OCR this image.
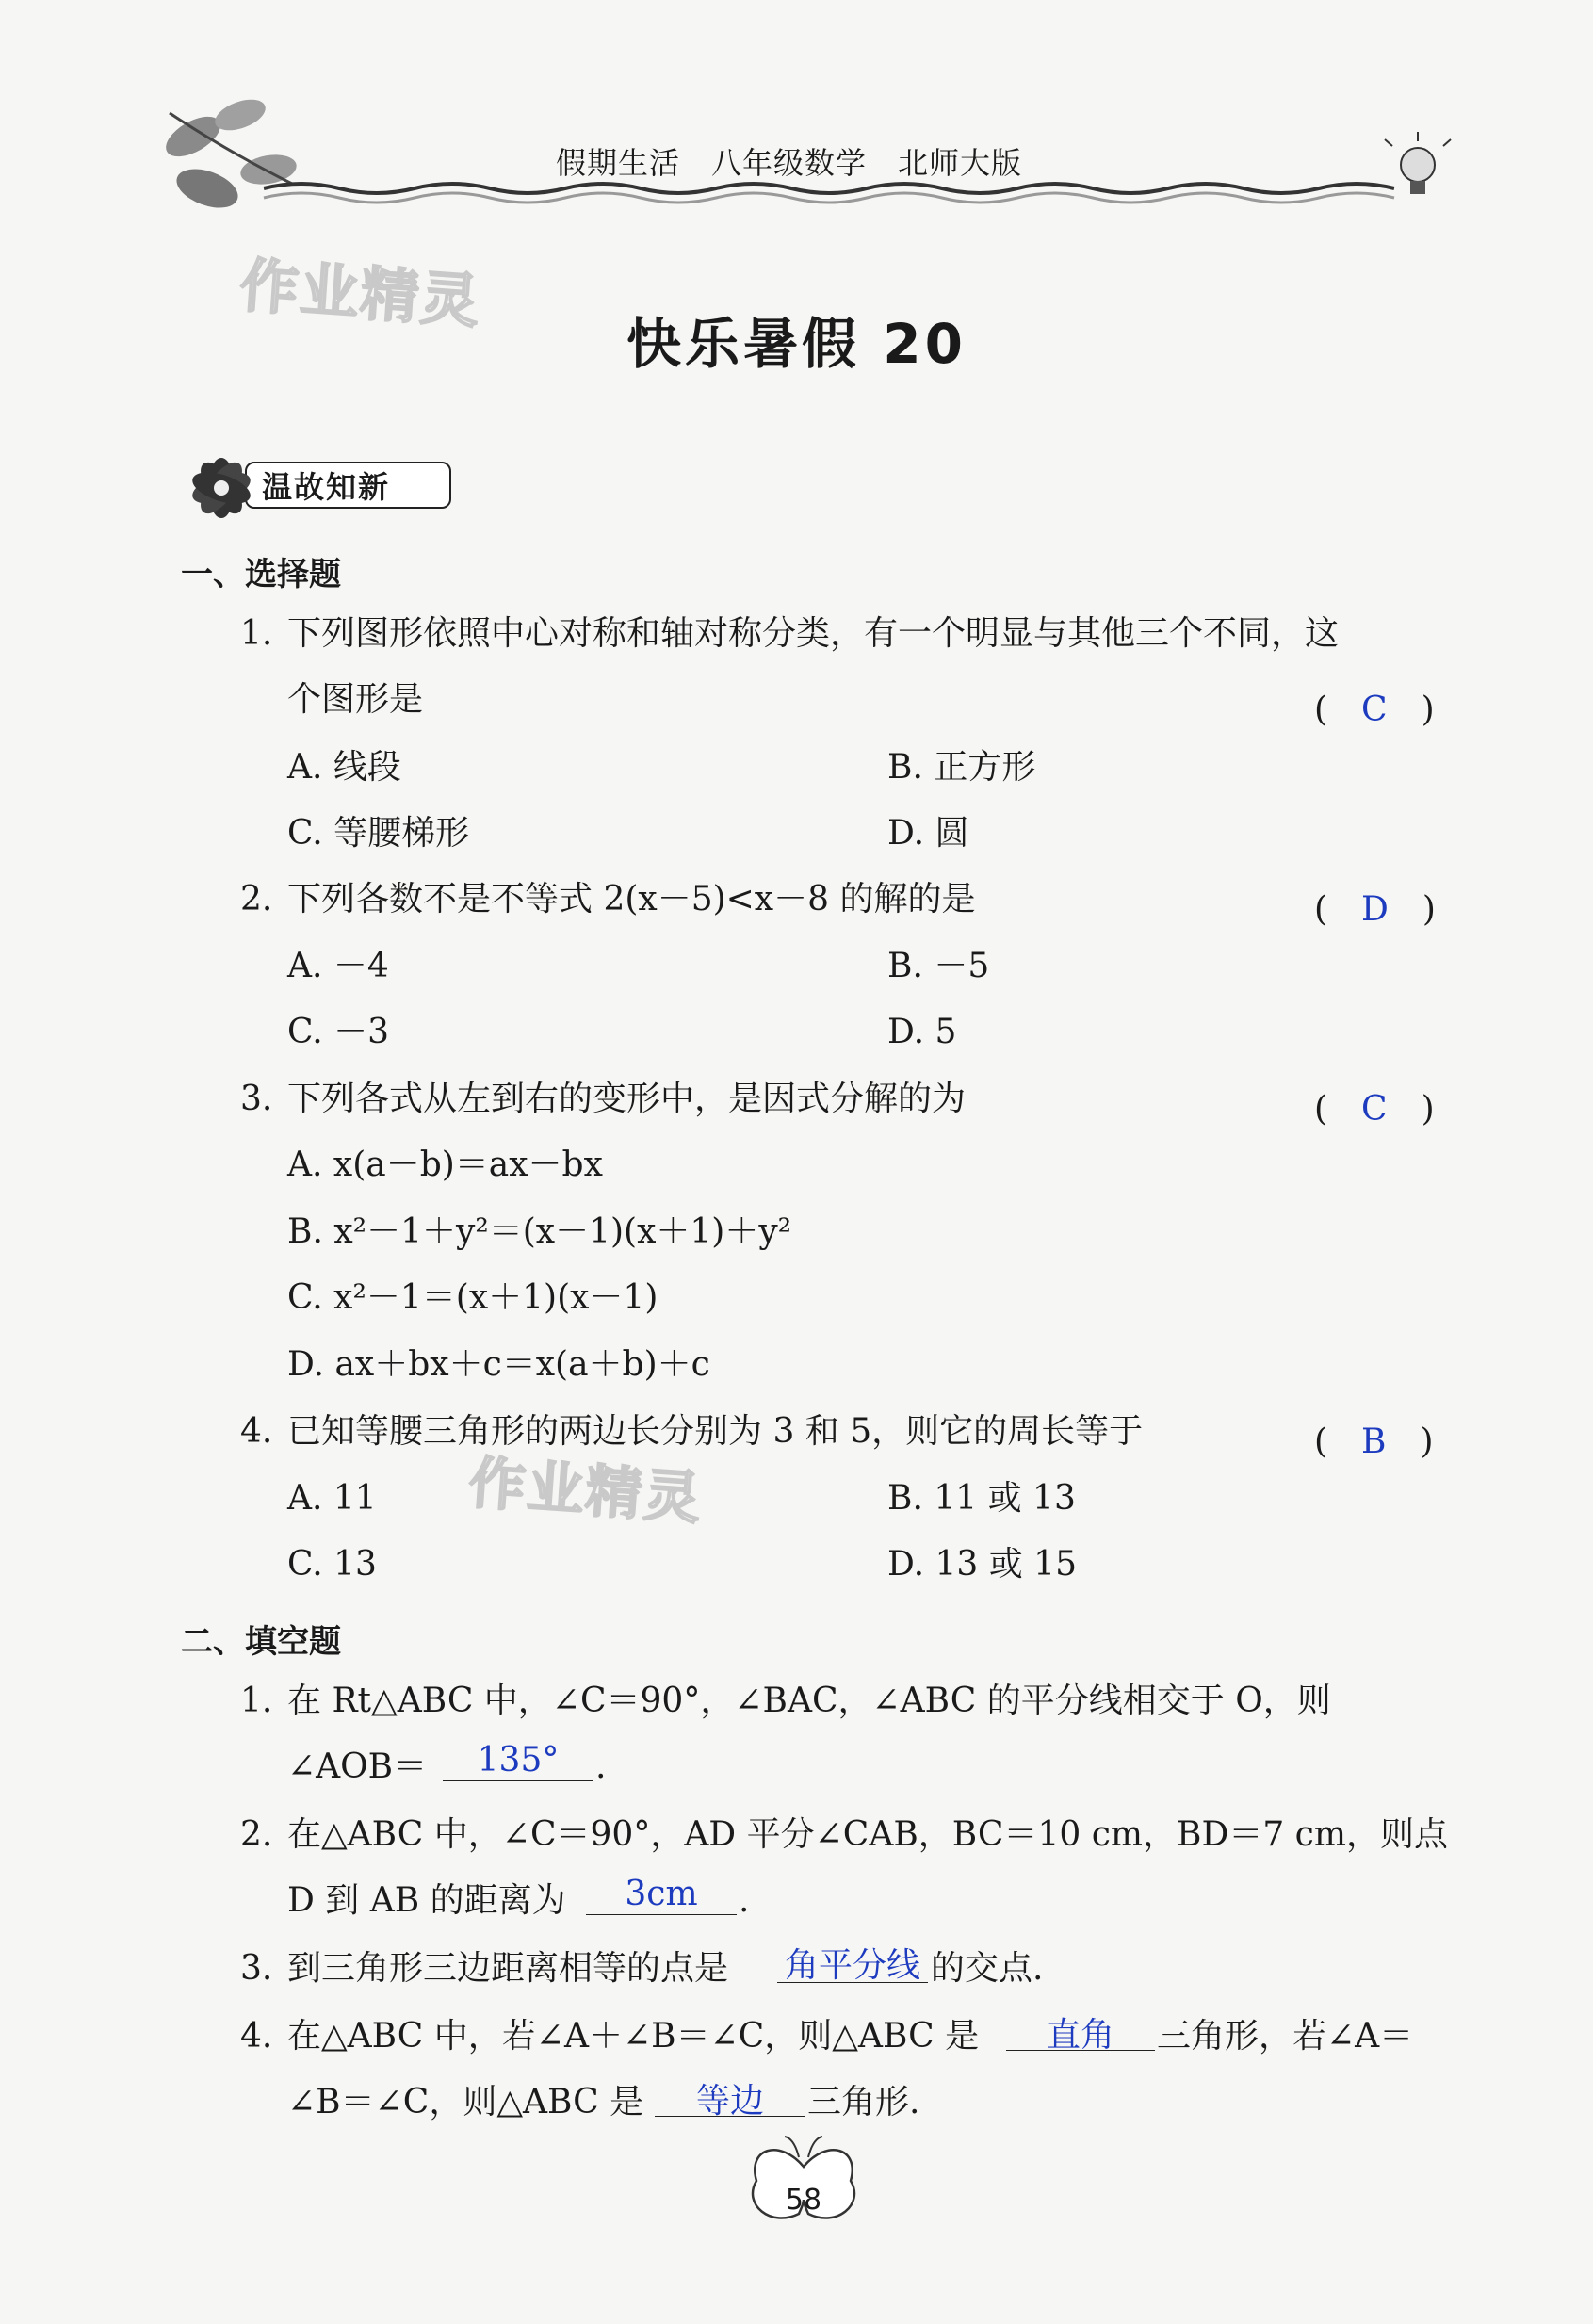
假期生活　八年级数学　北师大版
作业精灵
作业精灵
快乐暑假 20
温故知新
一、选择题
1. 下列图形依照中心对称和轴对称分类，有一个明显与其他三个不同，这
个图形是	(　C　)
A. 线段	B. 正方形
C. 等腰梯形	D. 圆
2. 下列各数不是不等式 2(x－5)<x－8 的解的是	(　D　)
A. －4	B. －5
C. －3	D. 5
3. 下列各式从左到右的变形中，是因式分解的为	(　C　)
A. x(a－b)＝ax－bx
B. x²－1＋y²＝(x－1)(x＋1)＋y²
C. x²－1＝(x＋1)(x－1)
D. ax＋bx＋c＝x(a＋b)＋c
4. 已知等腰三角形的两边长分别为 3 和 5，则它的周长等于	(　B　)
A. 11	B. 11 或 13
C. 13	D. 13 或 15
二、填空题
1. 在 Rt△ABC 中，∠C＝90°，∠BAC，∠ABC 的平分线相交于 O，则
∠AOB＝	135°	.
2. 在△ABC 中，∠C＝90°，AD 平分∠CAB，BC＝10 cm，BD＝7 cm，则点
D 到 AB 的距离为	3cm	.
3. 到三角形三边距离相等的点是 角平分线 的交点.
4. 在△ABC 中，若∠A＋∠B＝∠C，则△ABC 是	直角	三角形，若∠A＝
∠B＝∠C，则△ABC 是	等边	三角形.
58
